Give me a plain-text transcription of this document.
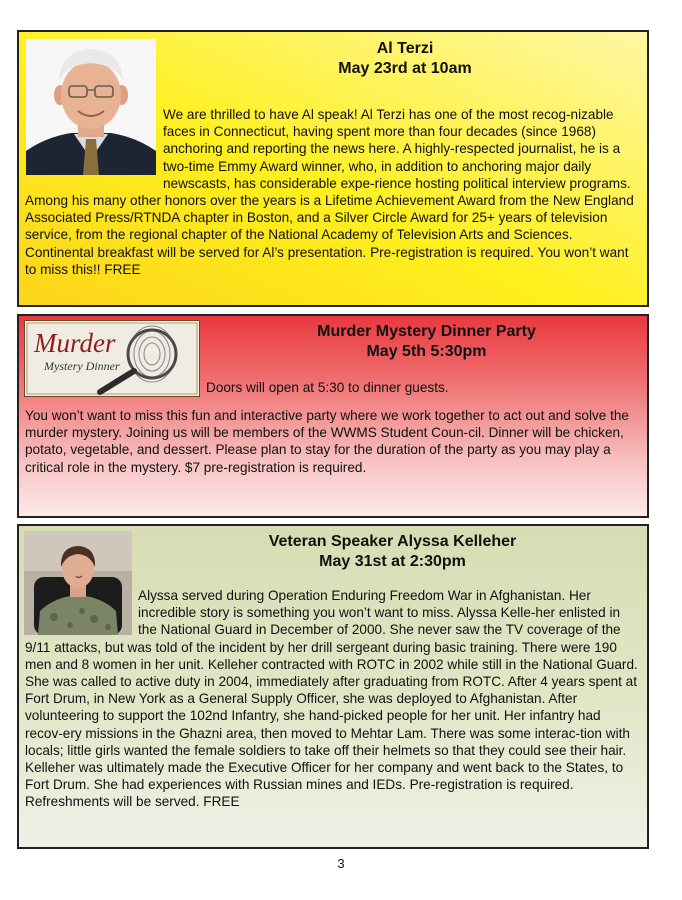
Al Terzi
May 23rd at 10am

We are thrilled to have Al speak! Al Terzi has one of the most recog-nizable faces in Connecticut, having spent more than four decades (since 1968) anchoring and reporting the news here. A highly-respected journalist, he is a two-time Emmy Award winner, who, in addition to anchoring major daily newscasts, has considerable expe-rience hosting political interview programs. Among his many other honors over the years is a Lifetime Achievement Award from the New England Associated Press/RTNDA chapter in Boston, and a Silver Circle Award for 25+ years of television service, from the regional chapter of the National Academy of Television Arts and Sciences. Continental breakfast will be served for Al’s presentation. Pre-registration is required. You won’t want to miss this!! FREE

Murder
Mystery Dinner
Murder Mystery Dinner Party
May 5th 5:30pm

Doors will open at 5:30 to dinner guests.

You won’t want to miss this fun and interactive party where we work together to act out and solve the murder mystery. Joining us will be members of the WWMS Student Coun-cil. Dinner will be chicken, potato, vegetable, and dessert. Please plan to stay for the duration of the party as you may play a critical role in the mystery. $7 pre-registration is required.

Veteran Speaker Alyssa Kelleher
May 31st at 2:30pm

Alyssa served during Operation Enduring Freedom War in Afghanistan. Her incredible story is something you won’t want to miss. Alyssa Kelle-her enlisted in the National Guard in December of 2000. She never saw the TV coverage of the 9/11 attacks, but was told of the incident by her drill sergeant during basic training. There were 190 men and 8 women in her unit. Kelleher contracted with ROTC in 2002 while still in the National Guard. She was called to active duty in 2004, immediately after graduating from ROTC. After 4 years spent at Fort Drum, in New York as a General Supply Officer, she was deployed to Afghanistan. After volunteering to support the 102nd Infantry, she hand-picked people for her unit. Her infantry had recov-ery missions in the Ghazni area, then moved to Mehtar Lam. There was some interac-tion with locals; little girls wanted the female soldiers to take off their helmets so that they could see their hair. Kelleher was ultimately made the Executive Officer for her company and went back to the States, to Fort Drum. She had experiences with Russian mines and IEDs. Pre-registration is required. Refreshments will be served. FREE

3
